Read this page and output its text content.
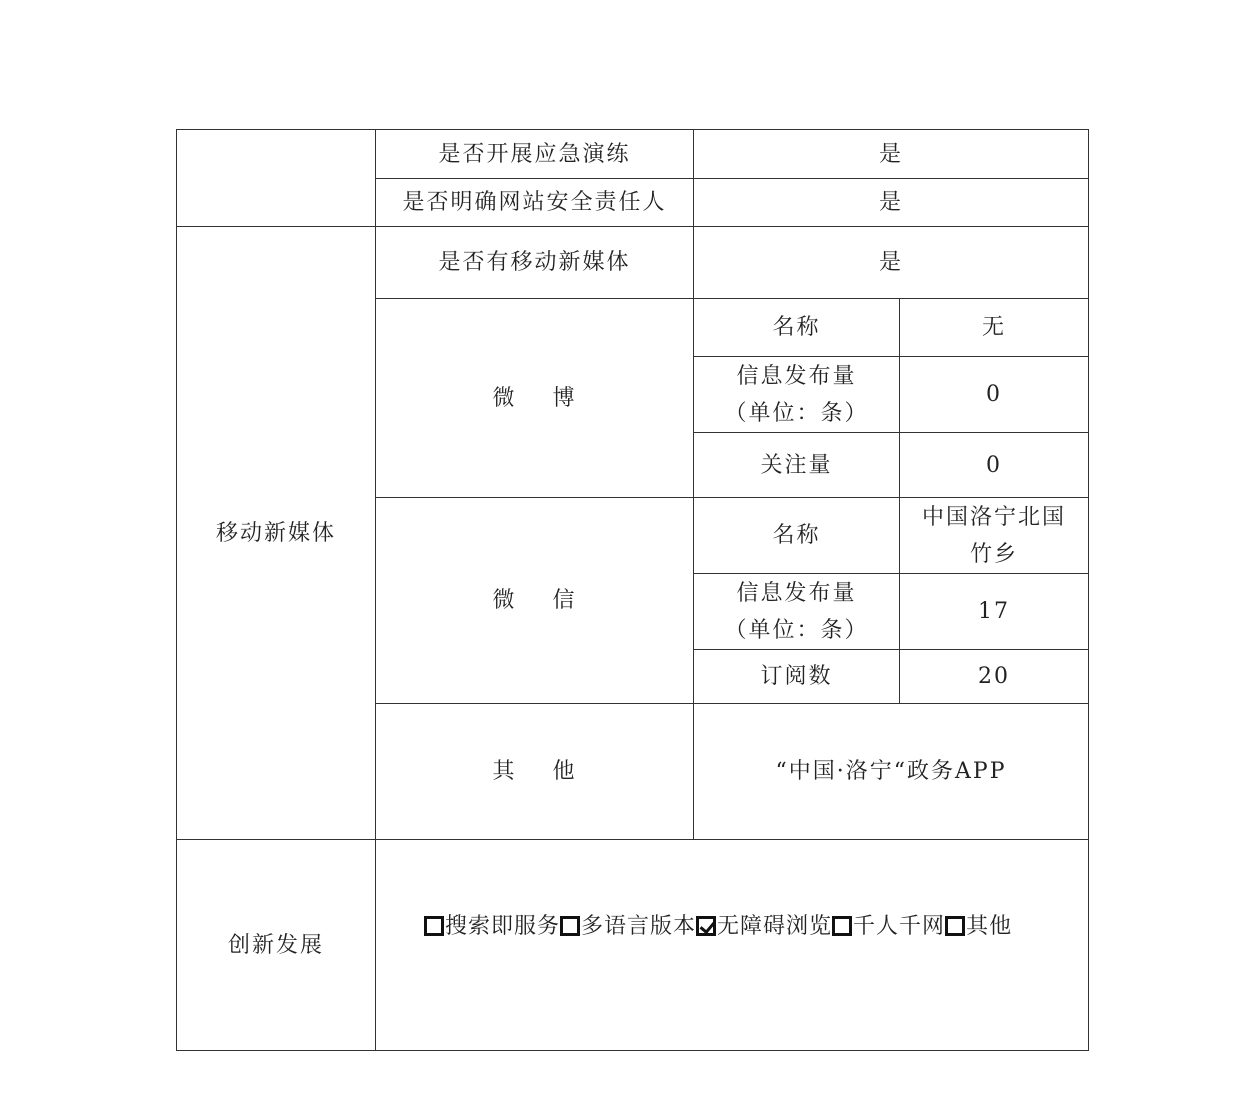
	是否开展应急演练	是	
	是否明确网站安全责任人	是	
移动新媒体	是否有移动新媒体	是	
	微 博	名称	无

		信息发布量
（单位：条）	0
		关注量	0
	微 信	名称	中国洛宁北国
竹乡

		信息发布量
（单位：条）	17
		订阅数	20
	其 他	“中国·洛宁“政务APP	
创新发展	搜索即服务 多语言版本 无障碍浏览 千人千网 其他		
